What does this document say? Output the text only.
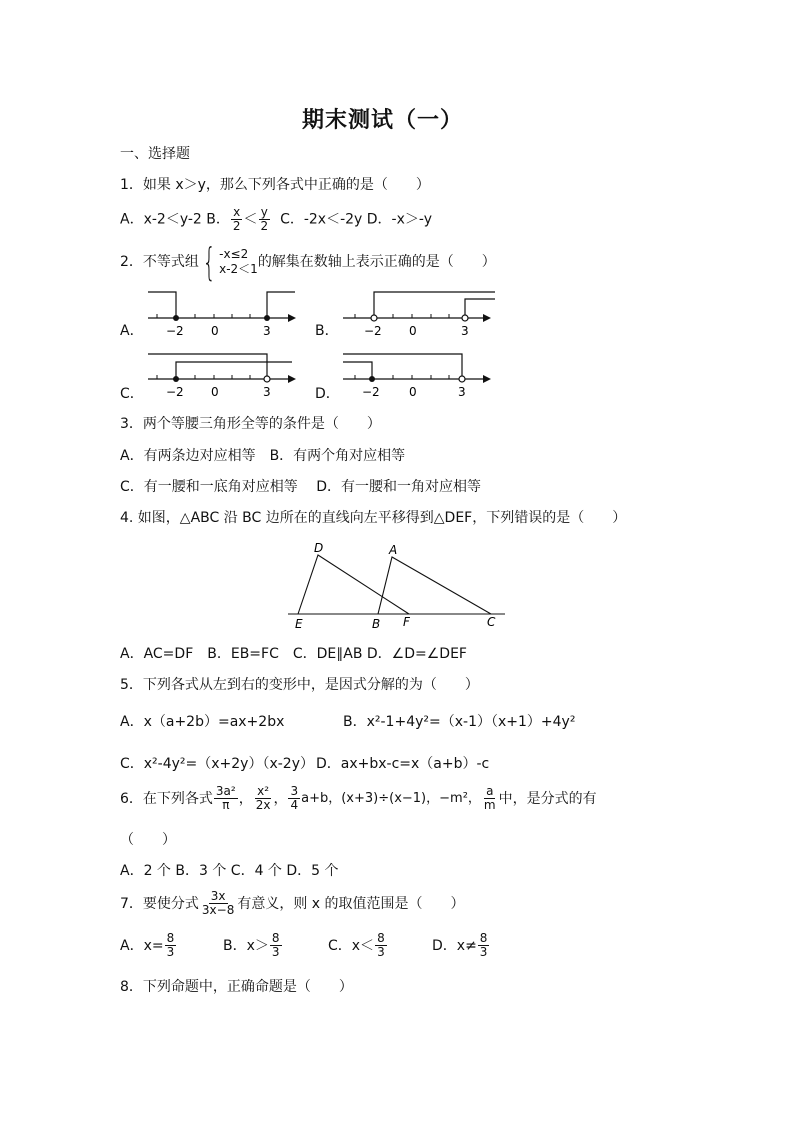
期末测试（一）
一、选择题
1．如果 x＞y，那么下列各式中正确的是（　　）
A．x-2＜y-2 B． $\frac{x}{2} < \frac{y}{2}$ C．-2x＜-2y D．-x＞-y
2．不等式组 { -x≤2
x-2＜1 的解集在数轴上表示正确的是（　　）
A．	B．
C．	D．
−2 0	3	−2 0	3
−2 0	3	−2 0	3
3．两个等腰三角形全等的条件是（　　）
A．有两条边对应相等　B．有两个角对应相等
C．有一腰和一底角对应相等　 D．有一腰和一角对应相等
4. 如图，△ABC 沿 BC 边所在的直线向左平移得到△DEF，下列错误的是（　　）
D	A
E	B F	C
A．AC=DF　B．EB=FC　C．DE∥AB D．∠D=∠DEF
5．下列各式从左到右的变形中，是因式分解的为（　　）
A．x（a+2b）=ax+2bx	B．x²-1+4y²=（x-1）（x+1）+4y²
C．x²-4y²=（x+2y）（x-2y） D．ax+bx-c=x（a+b）-c
6．在下列各式 $\frac{\text{3a²}}{\pi}$ ， $\frac{\text{x²}}{2x}$ ， $\frac{3}{4} a+b$，(x+3)÷(x−1)， −m²， $\frac{a}{m}$ 中，是分式的有
（　　）
A．2 个 B．3 个 C．4 个 D．5 个
7．要使分式 $\frac{3x}{3x-8}$ 有意义，则 x 的取值范围是（　　）
A．$x= \frac{8}{3}$	B．$x> \frac{8}{3}$	C．$x< \frac{8}{3}$	D．$x\ne \frac{8}{3}$
8．下列命题中，正确命题是（　　）
